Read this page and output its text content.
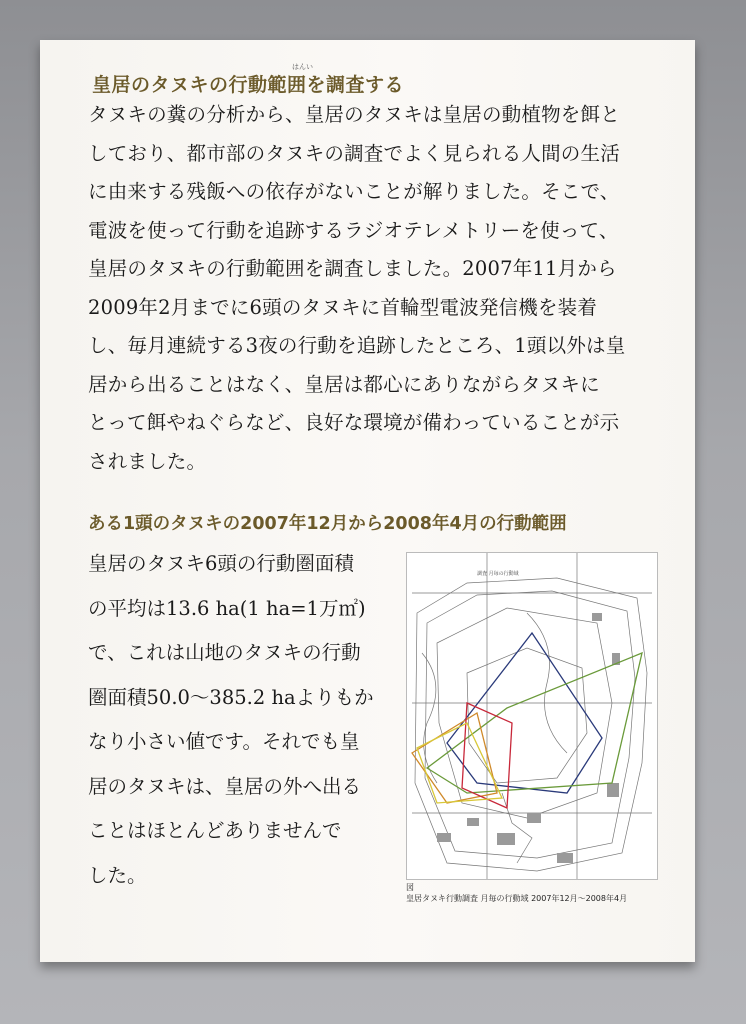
はんい
皇居のタヌキの行動範囲を調査する
タヌキの糞の分析から、皇居のタヌキは皇居の動植物を餌と
しており、都市部のタヌキの調査でよく見られる人間の生活
に由来する残飯への依存がないことが解りました。そこで、
電波を使って行動を追跡するラジオテレメトリーを使って、
皇居のタヌキの行動範囲を調査しました。2007年11月から
2009年2月までに6頭のタヌキに首輪型電波発信機を装着
し、毎月連続する3夜の行動を追跡したところ、1頭以外は皇
居から出ることはなく、皇居は都心にありながらタヌキに
とって餌やねぐらなど、良好な環境が備わっていることが示
されました。
ある1頭のタヌキの2007年12月から2008年4月の行動範囲
皇居のタヌキ6頭の行動圏面積
の平均は13.6 ha(1 ha=1万㎡)
で、これは山地のタヌキの行動
圏面積50.0〜385.2 haよりもか
なり小さい値です。それでも皇
居のタヌキは、皇居の外へ出る
ことはほとんどありませんで
した。
調査 月毎の行動域
図
皇居タヌキ行動調査 月毎の行動域 2007年12月〜2008年4月
